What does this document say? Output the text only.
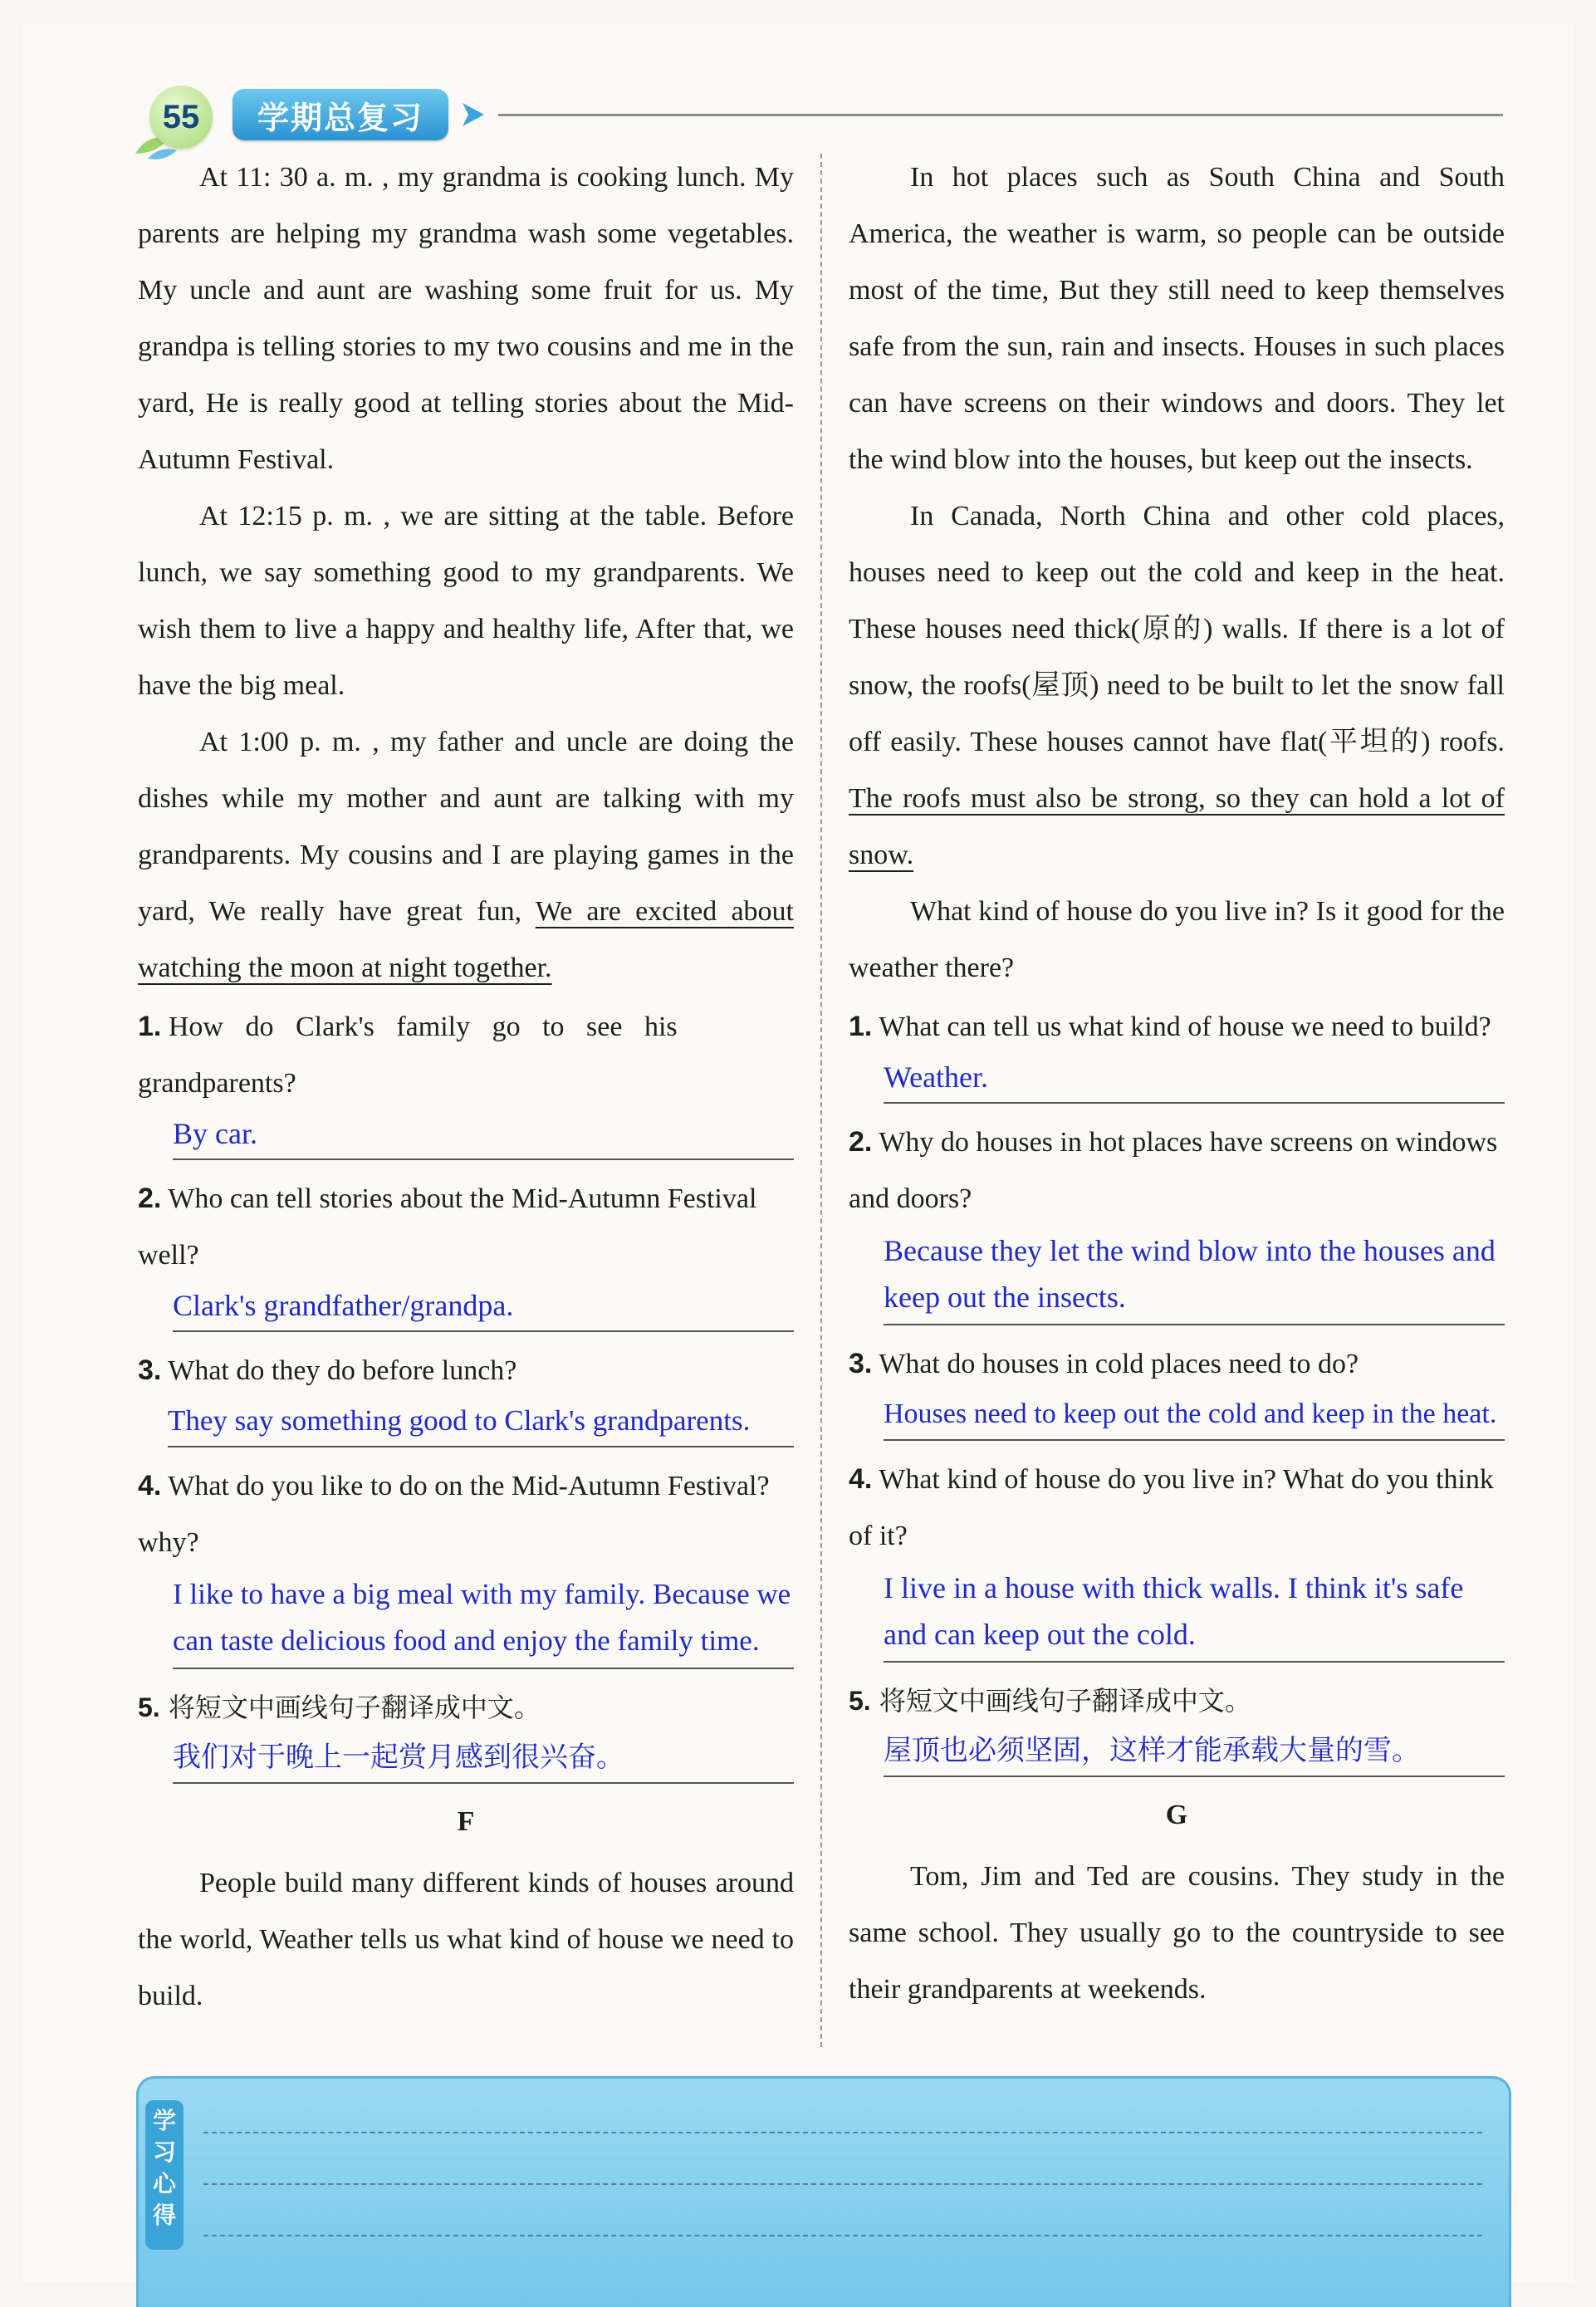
55	学期总复习

At 11: 30 a. m. , my grandma is cooking lunch. My parents are helping my grandma wash some vegetables. My uncle and aunt are washing some fruit for us. My grandpa is telling stories to my two cousins and me in the yard, He is really good at telling stories about the Mid-Autumn Festival.

At 12:15 p. m. , we are sitting at the table. Before lunch, we say something good to my grandparents. We wish them to live a happy and healthy life, After that, we have the big meal.

At 1:00 p. m. , my father and uncle are doing the dishes while my mother and aunt are talking with my grandparents. My cousins and I are playing games in the yard, We really have great fun, We are excited about watching the moon at night together.

1. How do Clark's family go to see his grandparents?

By car.

2. Who can tell stories about the Mid-Autumn Festival well?

Clark's grandfather/grandpa.

3. What do they do before lunch?

They say something good to Clark's grandparents.

4. What do you like to do on the Mid-Autumn Festival? why?

I like to have a big meal with my family. Because we can taste delicious food and enjoy the family time.

5. 将短文中画线句子翻译成中文。

我们对于晚上一起赏月感到很兴奋。
F

People build many different kinds of houses around the world, Weather tells us what kind of house we need to build.

In hot places such as South China and South America, the weather is warm, so people can be outside most of the time, But they still need to keep themselves safe from the sun, rain and insects. Houses in such places can have screens on their windows and doors. They let the wind blow into the houses, but keep out the insects.

In Canada, North China and other cold places, houses need to keep out the cold and keep in the heat. These houses need thick(原的) walls. If there is a lot of snow, the roofs(屋顶) need to be built to let the snow fall off easily. These houses cannot have flat(平坦的) roofs. The roofs must also be strong, so they can hold a lot of snow.

What kind of house do you live in? Is it good for the weather there?

1. What can tell us what kind of house we need to build?

Weather.

2. Why do houses in hot places have screens on windows and doors?

Because they let the wind blow into the houses and keep out the insects.

3. What do houses in cold places need to do?

Houses need to keep out the cold and keep in the heat.

4. What kind of house do you live in? What do you think of it?

I live in a house with thick walls. I think it's safe and can keep out the cold.

5. 将短文中画线句子翻译成中文。

屋顶也必须坚固，这样才能承载大量的雪。
G

Tom, Jim and Ted are cousins. They study in the same school. They usually go to the countryside to see their grandparents at weekends.

学习心得
